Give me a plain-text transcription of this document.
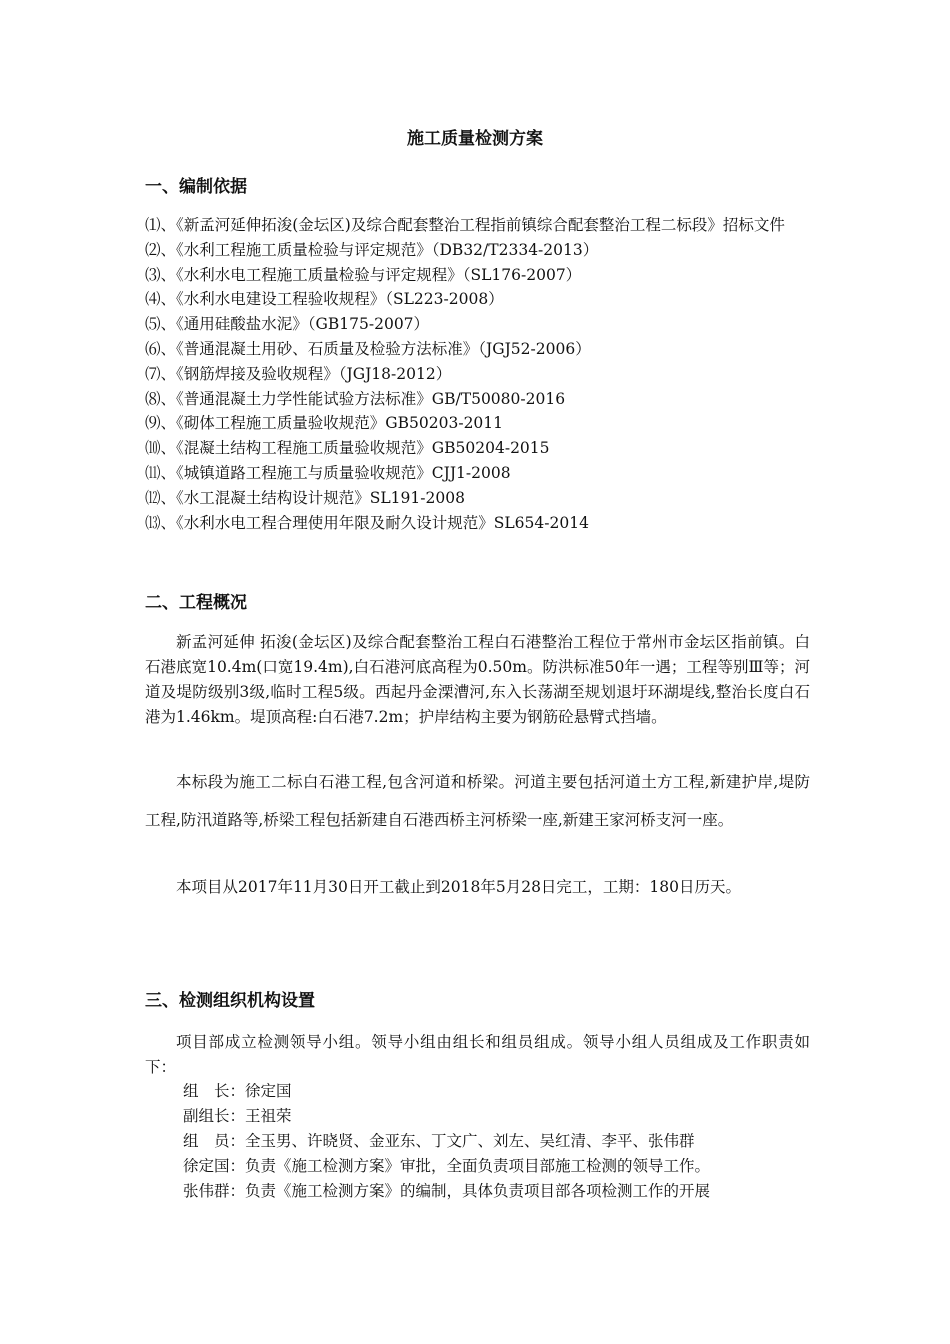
施工质量检测方案
一、编制依据
⑴、《新孟河延伸拓浚(金坛区)及综合配套整治工程指前镇综合配套整治工程二标段》招标文件
⑵、《水利工程施工质量检验与评定规范》（DB32/T2334-2013）
⑶、《水利水电工程施工质量检验与评定规程》（SL176-2007）
⑷、《水利水电建设工程验收规程》（SL223-2008）
⑸、《通用硅酸盐水泥》（GB175-2007）
⑹、《普通混凝土用砂、石质量及检验方法标准》（JGJ52-2006）
⑺、《钢筋焊接及验收规程》（JGJ18-2012）
⑻、《普通混凝土力学性能试验方法标准》GB/T50080-2016
⑼、《砌体工程施工质量验收规范》GB50203-2011
⑽、《混凝土结构工程施工质量验收规范》GB50204-2015
⑾、《城镇道路工程施工与质量验收规范》CJJ1-2008
⑿、《水工混凝土结构设计规范》SL191-2008
⒀、《水利水电工程合理使用年限及耐久设计规范》SL654-2014
二、工程概况

新孟河延伸 拓浚(金坛区)及综合配套整治工程白石港整治工程位于常州市金坛区指前镇。白石港底宽10.4m(口宽19.4m),白石港河底高程为0.50m。防洪标准50年一遇；工程等别Ⅲ等；河道及堤防级别3级,临时工程5级。西起丹金溧漕河,东入长荡湖至规划退圩环湖堤线,整治长度白石港为1.46km。堤顶高程:白石港7.2m；护岸结构主要为钢筋砼悬臂式挡墙。

本标段为施工二标白石港工程,包含河道和桥梁。河道主要包括河道土方工程,新建护岸,堤防工程,防汛道路等,桥梁工程包括新建自石港西桥主河桥梁一座,新建王家河桥支河一座。

本项目从2017年11月30日开工截止到2018年5月28日完工，工期：180日历天。

三、检测组织机构设置

项目部成立检测领导小组。领导小组由组长和组员组成。领导小组人员组成及工作职责如下：

组　长：徐定国
副组长：王祖荣
组　员：全玉男、许晓贤、金亚东、丁文广、刘左、吴红清、李平、张伟群
徐定国：负责《施工检测方案》审批，全面负责项目部施工检测的领导工作。
张伟群：负责《施工检测方案》的编制，具体负责项目部各项检测工作的开展
